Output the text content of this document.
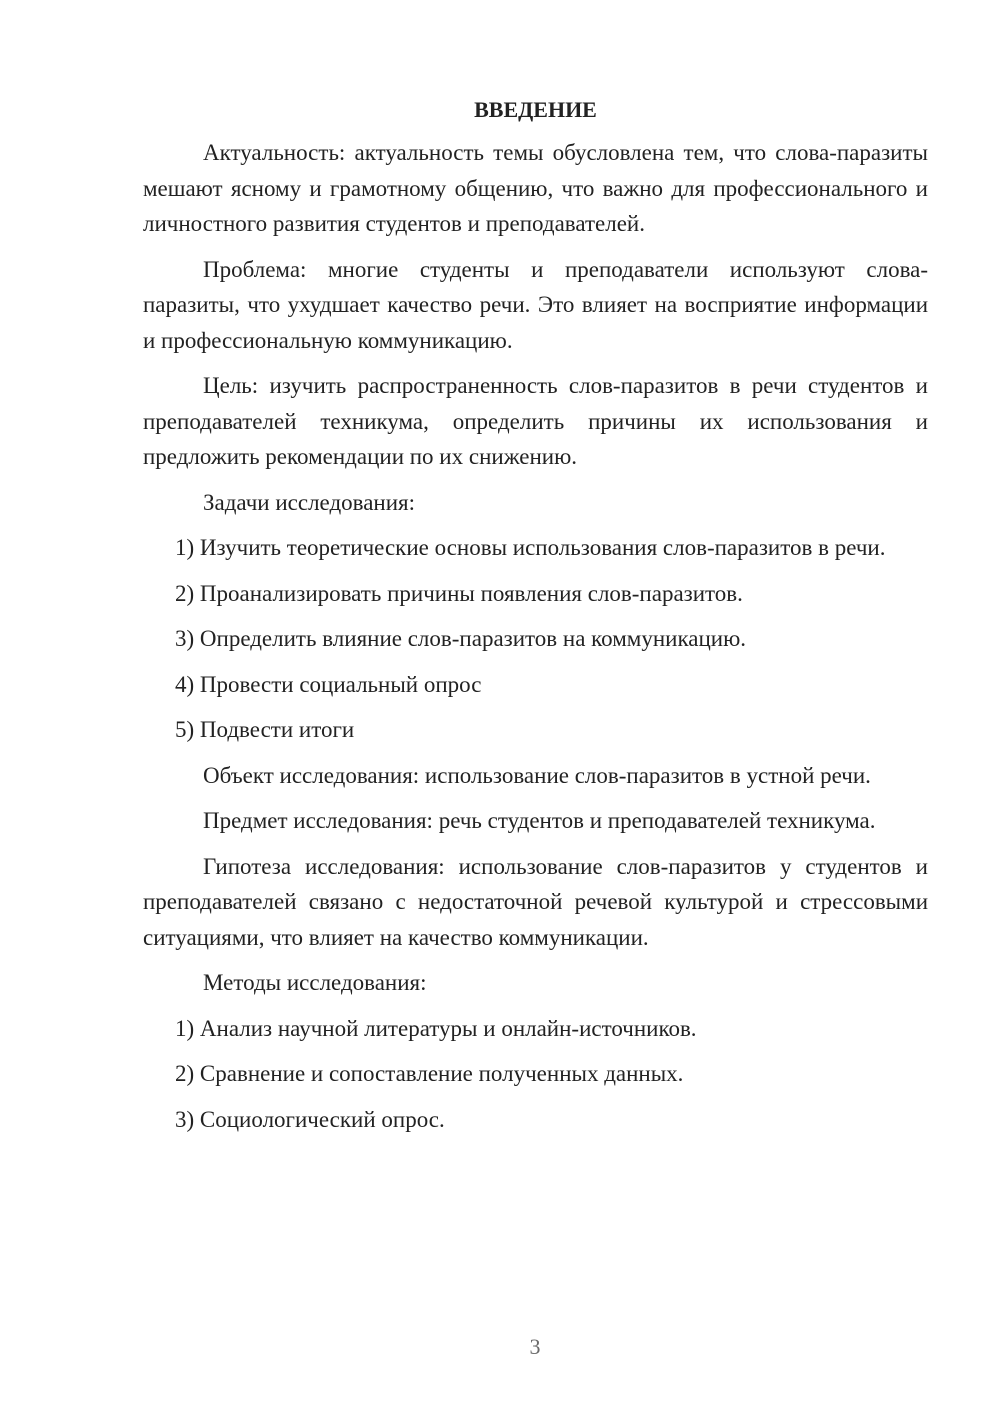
ВВЕДЕНИЕ

Актуальность: актуальность темы обусловлена тем, что слова-паразиты мешают ясному и грамотному общению, что важно для профессионального и личностного развития студентов и преподавателей.

Проблема: многие студенты и преподаватели используют слова-паразиты, что ухудшает качество речи. Это влияет на восприятие информации и профессиональную коммуникацию.

Цель: изучить распространенность слов-паразитов в речи студентов и преподавателей техникума, определить причины их использования и предложить рекомендации по их снижению.

Задачи исследования:

1) Изучить теоретические основы использования слов-паразитов в речи.

2) Проанализировать причины появления слов-паразитов.

3) Определить влияние слов-паразитов на коммуникацию.

4) Провести социальный опрос

5) Подвести итоги

Объект исследования: использование слов-паразитов в устной речи.

Предмет исследования: речь студентов и преподавателей техникума.

Гипотеза исследования: использование слов-паразитов у студентов и преподавателей связано с недостаточной речевой культурой и стрессовыми ситуациями, что влияет на качество коммуникации.

Методы исследования:

1) Анализ научной литературы и онлайн-источников.

2) Сравнение и сопоставление полученных данных.

3) Социологический опрос.

3
